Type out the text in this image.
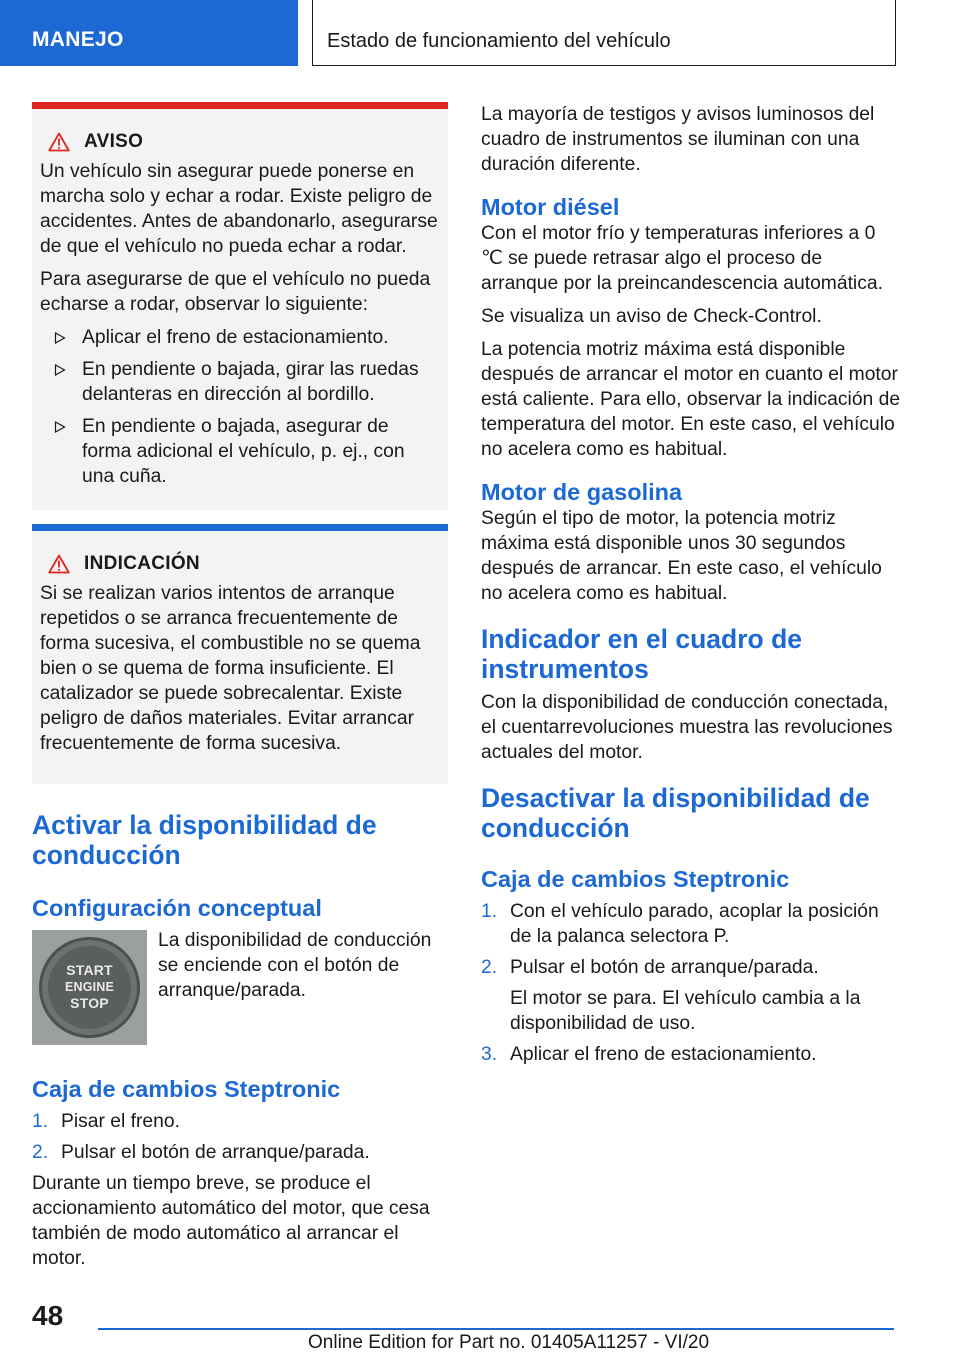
MANEJO	Estado de funcionamiento del vehículo
AVISO

Un vehículo sin asegurar puede ponerse en marcha solo y echar a rodar. Existe peligro de accidentes. Antes de abandonarlo, asegurarse de que el vehículo no pueda echar a rodar.

Para asegurarse de que el vehículo no pueda echarse a rodar, observar lo siguiente:

Aplicar el freno de estacionamiento.
En pendiente o bajada, girar las ruedas delanteras en dirección al bordillo.
En pendiente o bajada, asegurar de forma adicional el vehículo, p. ej., con una cuña.
INDICACIÓN

Si se realizan varios intentos de arranque repetidos o se arranca frecuentemente de forma sucesiva, el combustible no se quema bien o se quema de forma insuficiente. El catalizador se puede sobrecalentar. Existe peligro de daños materiales. Evitar arrancar frecuentemente de forma sucesiva.

Activar la disponibilidad de conducción
Configuración conceptual
START
ENGINE
STOP

La disponibilidad de conducción se enciende con el botón de arranque/parada.

Caja de cambios Steptronic
1. Pisar el freno.
2. Pulsar el botón de arranque/parada.

Durante un tiempo breve, se produce el accionamiento automático del motor, que cesa también de modo automático al arrancar el motor.

La mayoría de testigos y avisos luminosos del cuadro de instrumentos se iluminan con una duración diferente.

Motor diésel

Con el motor frío y temperaturas inferiores a 0 ℃ se puede retrasar algo el proceso de arranque por la preincandescencia automática.

Se visualiza un aviso de Check-Control.

La potencia motriz máxima está disponible después de arrancar el motor en cuanto el motor está caliente. Para ello, observar la indicación de temperatura del motor. En este caso, el vehículo no acelera como es habitual.

Motor de gasolina

Según el tipo de motor, la potencia motriz máxima está disponible unos 30 segundos después de arrancar. En este caso, el vehículo no acelera como es habitual.

Indicador en el cuadro de instrumentos

Con la disponibilidad de conducción conectada, el cuentarrevoluciones muestra las revoluciones actuales del motor.

Desactivar la disponibilidad de conducción
Caja de cambios Steptronic
1. Con el vehículo parado, acoplar la posición de la palanca selectora P.
2. Pulsar el botón de arranque/parada.

El motor se para. El vehículo cambia a la disponibilidad de uso.

3. Aplicar el freno de estacionamiento.
48
Online Edition for Part no. 01405A11257 - VI/20
